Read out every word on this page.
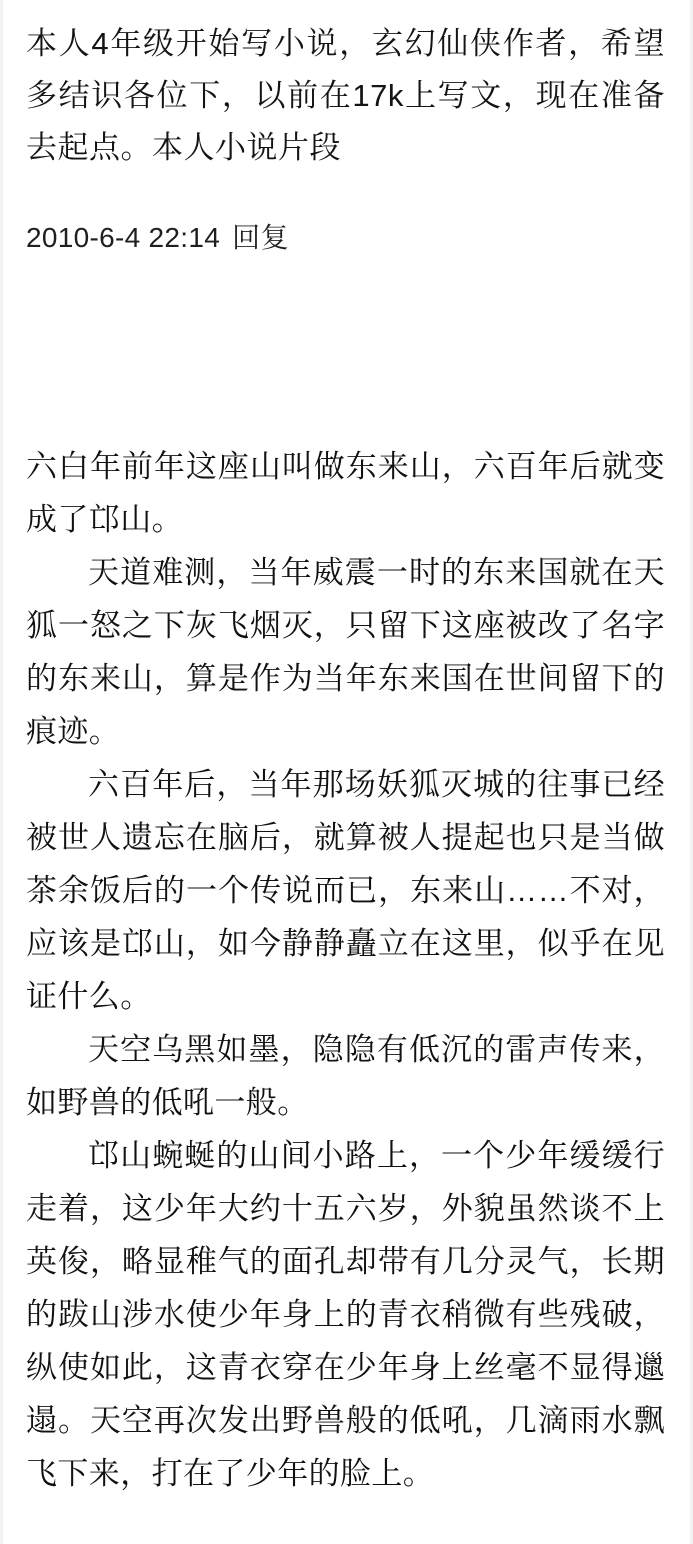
本人4年级开始写小说，玄幻仙侠作者，希望多结识各位下，以前在17k上写文，现在准备去起点。本人小说片段
2010-6-4 22:14 回复

六白年前年这座山叫做东来山，六百年后就变成了邙山。

天道难测，当年威震一时的东来国就在天狐一怒之下灰飞烟灭，只留下这座被改了名字的东来山，算是作为当年东来国在世间留下的痕迹。

六百年后，当年那场妖狐灭城的往事已经被世人遗忘在脑后，就算被人提起也只是当做茶余饭后的一个传说而已，东来山……不对，应该是邙山，如今静静矗立在这里，似乎在见证什么。

天空乌黑如墨，隐隐有低沉的雷声传来，如野兽的低吼一般。

邙山蜿蜒的山间小路上，一个少年缓缓行走着，这少年大约十五六岁，外貌虽然谈不上英俊，略显稚气的面孔却带有几分灵气，长期的跋山涉水使少年身上的青衣稍微有些残破，纵使如此，这青衣穿在少年身上丝毫不显得邋遢。天空再次发出野兽般的低吼，几滴雨水飘飞下来，打在了少年的脸上。
